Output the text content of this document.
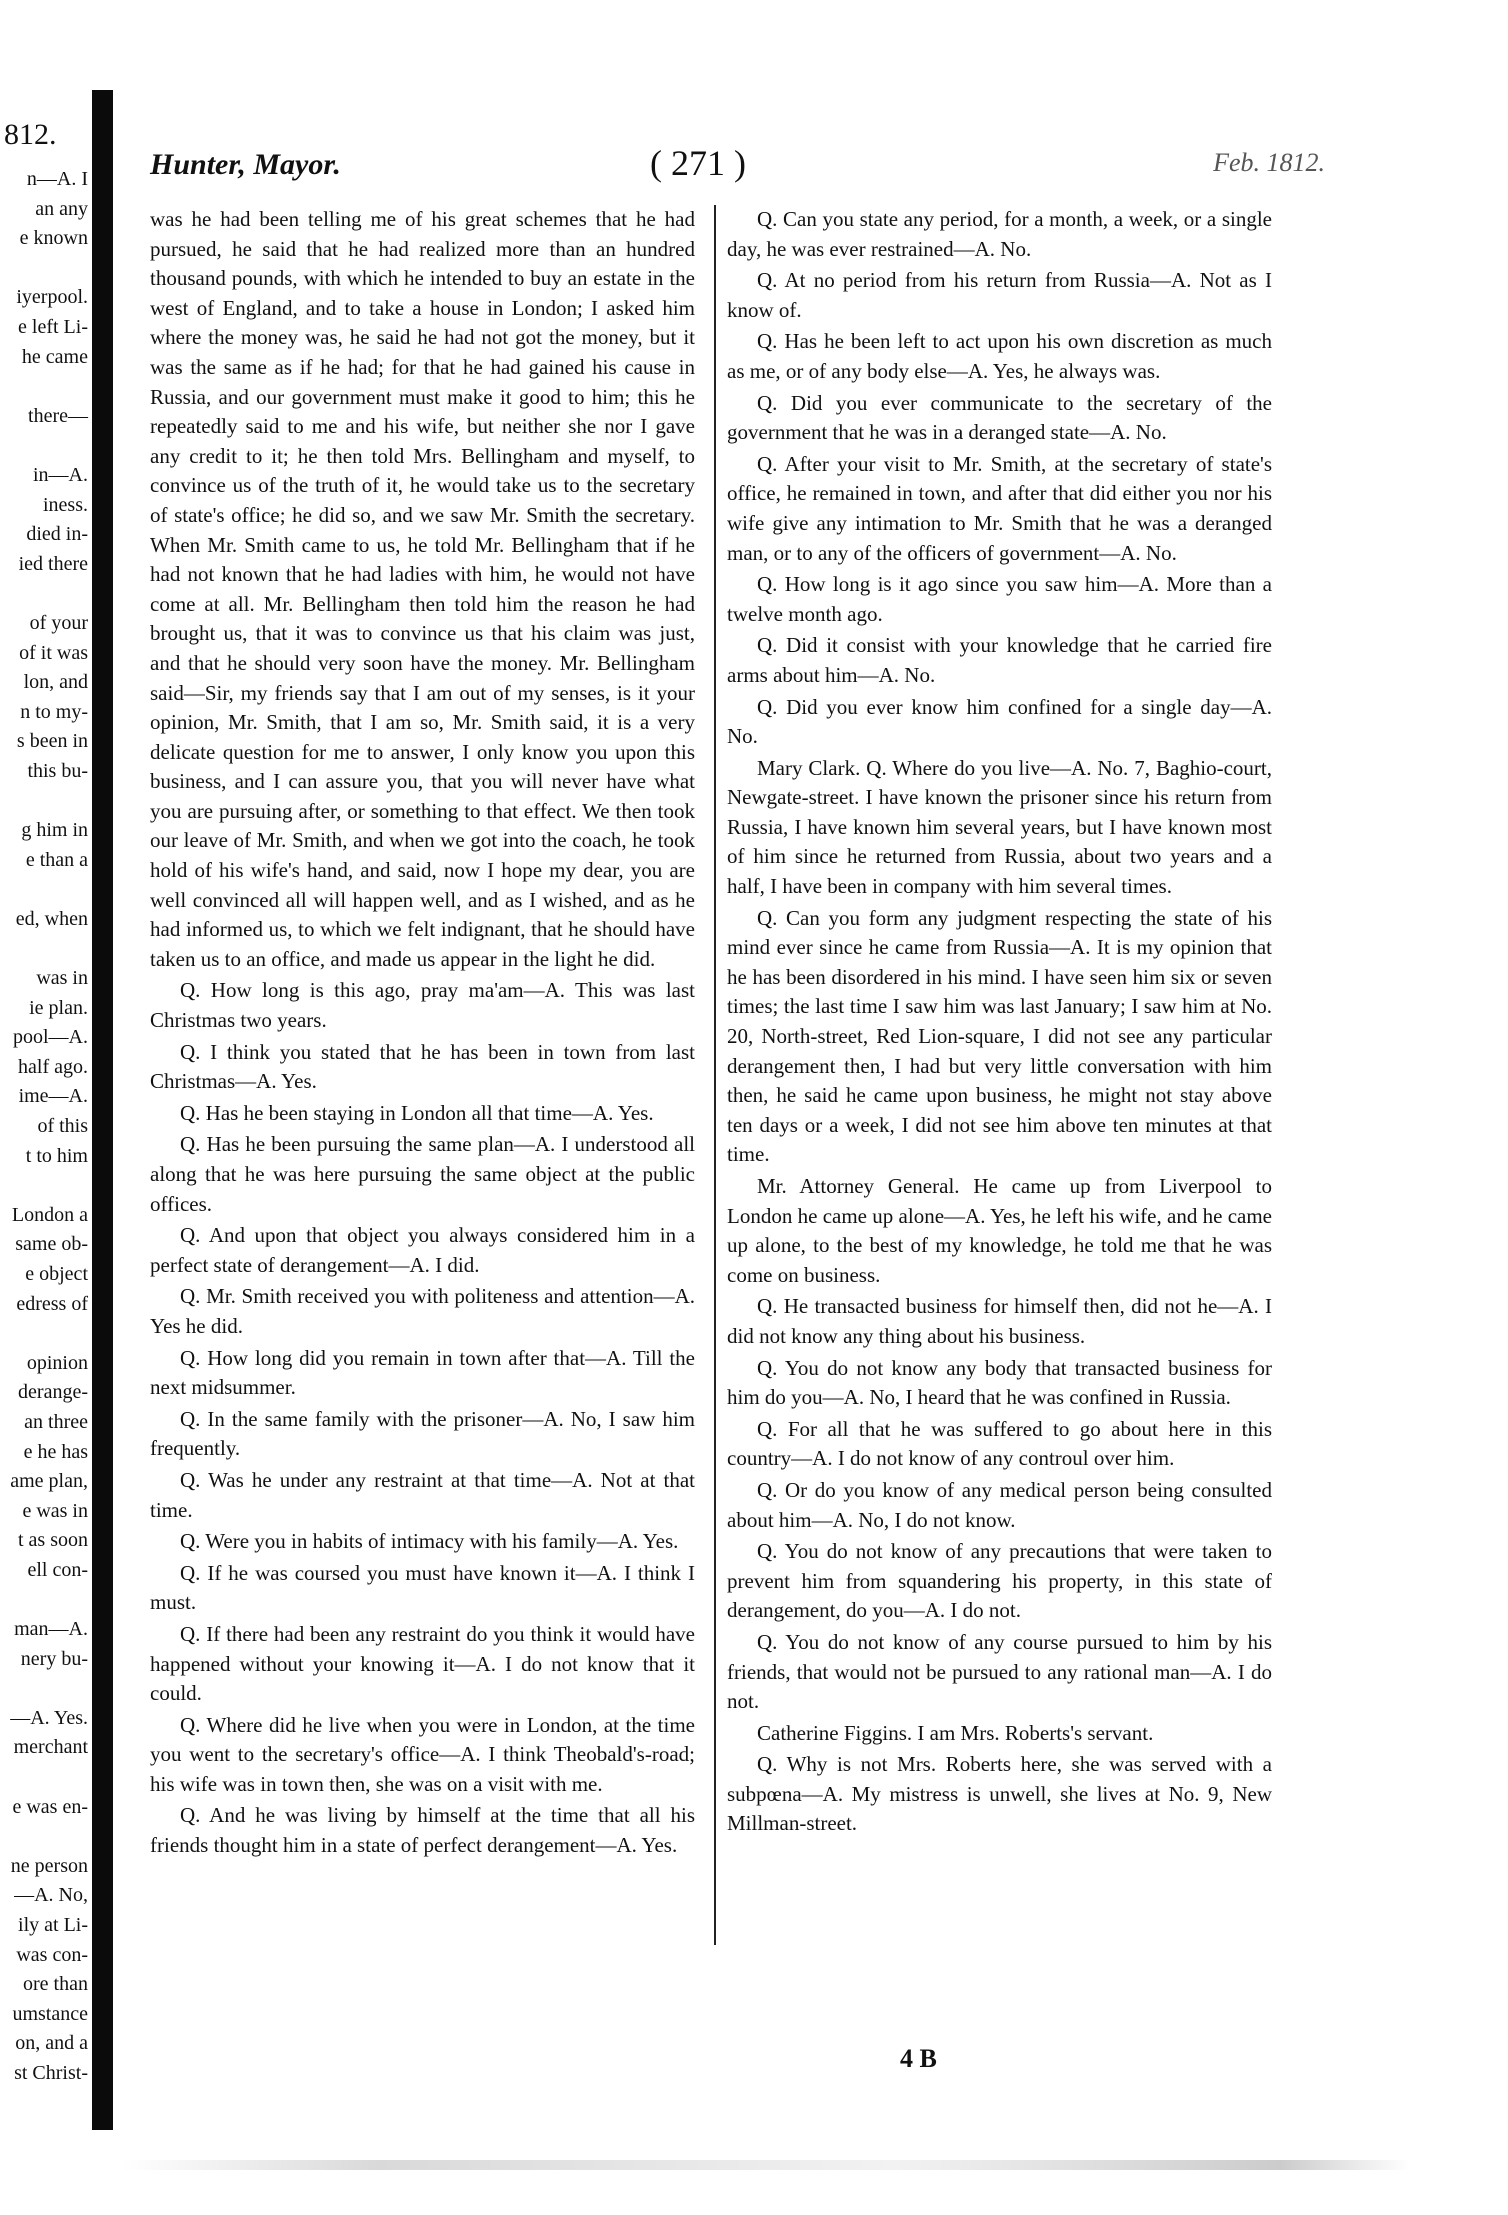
812.
n—A. I
an any
e known
iyerpool.
e left Li-
he came
there—
in—A.
iness.
died in-
ied there
of your
of it was
lon, and
n to my-
s been in
this bu-
g him in
e than a
ed, when
was in
ie plan.
pool—A.
half ago.
ime—A.
of this
t to him
London a
same ob-
e object
edress of
opinion
derange-
an three
e he has
ame plan,
e was in
t as soon
ell con-
man—A.
nery bu-
—A. Yes.
merchant
e was en-
ne person
—A. No,
ily at Li-
was con-
ore than
umstance
on, and a
st Christ-
Hunter, Mayor.	( 271 )	Feb. 1812.

was he had been telling me of his great schemes that he had pursued, he said that he had realized more than an hundred thousand pounds, with which he intended to buy an estate in the west of England, and to take a house in London; I asked him where the money was, he said he had not got the money, but it was the same as if he had; for that he had gained his cause in Russia, and our government must make it good to him; this he repeatedly said to me and his wife, but neither she nor I gave any credit to it; he then told Mrs. Bellingham and myself, to convince us of the truth of it, he would take us to the secretary of state's office; he did so, and we saw Mr. Smith the secretary. When Mr. Smith came to us, he told Mr. Bellingham that if he had not known that he had ladies with him, he would not have come at all. Mr. Bellingham then told him the reason he had brought us, that it was to convince us that his claim was just, and that he should very soon have the money. Mr. Bellingham said—Sir, my friends say that I am out of my senses, is it your opinion, Mr. Smith, that I am so, Mr. Smith said, it is a very delicate question for me to answer, I only know you upon this business, and I can assure you, that you will never have what you are pursuing after, or something to that effect. We then took our leave of Mr. Smith, and when we got into the coach, he took hold of his wife's hand, and said, now I hope my dear, you are well convinced all will happen well, and as I wished, and as he had informed us, to which we felt indignant, that he should have taken us to an office, and made us appear in the light he did.

Q. How long is this ago, pray ma'am—A. This was last Christmas two years.

Q. I think you stated that he has been in town from last Christmas—A. Yes.

Q. Has he been staying in London all that time—A. Yes.

Q. Has he been pursuing the same plan—A. I understood all along that he was here pursuing the same object at the public offices.

Q. And upon that object you always considered him in a perfect state of derangement—A. I did.

Q. Mr. Smith received you with politeness and attention—A. Yes he did.

Q. How long did you remain in town after that—A. Till the next midsummer.

Q. In the same family with the prisoner—A. No, I saw him frequently.

Q. Was he under any restraint at that time—A. Not at that time.

Q. Were you in habits of intimacy with his family—A. Yes.

Q. If he was coursed you must have known it—A. I think I must.

Q. If there had been any restraint do you think it would have happened without your knowing it—A. I do not know that it could.

Q. Where did he live when you were in London, at the time you went to the secretary's office—A. I think Theobald's-road; his wife was in town then, she was on a visit with me.

Q. And he was living by himself at the time that all his friends thought him in a state of perfect derangement—A. Yes.

Q. Can you state any period, for a month, a week, or a single day, he was ever restrained—A. No.

Q. At no period from his return from Russia—A. Not as I know of.

Q. Has he been left to act upon his own discretion as much as me, or of any body else—A. Yes, he always was.

Q. Did you ever communicate to the secretary of the government that he was in a deranged state—A. No.

Q. After your visit to Mr. Smith, at the secretary of state's office, he remained in town, and after that did either you nor his wife give any intimation to Mr. Smith that he was a deranged man, or to any of the officers of government—A. No.

Q. How long is it ago since you saw him—A. More than a twelve month ago.

Q. Did it consist with your knowledge that he carried fire arms about him—A. No.

Q. Did you ever know him confined for a single day—A. No.

Mary Clark. Q. Where do you live—A. No. 7, Baghio-court, Newgate-street. I have known the prisoner since his return from Russia, I have known him several years, but I have known most of him since he returned from Russia, about two years and a half, I have been in company with him several times.

Q. Can you form any judgment respecting the state of his mind ever since he came from Russia—A. It is my opinion that he has been disordered in his mind. I have seen him six or seven times; the last time I saw him was last January; I saw him at No. 20, North-street, Red Lion-square, I did not see any particular derangement then, I had but very little conversation with him then, he said he came upon business, he might not stay above ten days or a week, I did not see him above ten minutes at that time.

Mr. Attorney General. He came up from Liverpool to London he came up alone—A. Yes, he left his wife, and he came up alone, to the best of my knowledge, he told me that he was come on business.

Q. He transacted business for himself then, did not he—A. I did not know any thing about his business.

Q. You do not know any body that transacted business for him do you—A. No, I heard that he was confined in Russia.

Q. For all that he was suffered to go about here in this country—A. I do not know of any controul over him.

Q. Or do you know of any medical person being consulted about him—A. No, I do not know.

Q. You do not know of any precautions that were taken to prevent him from squandering his property, in this state of derangement, do you—A. I do not.

Q. You do not know of any course pursued to him by his friends, that would not be pursued to any rational man—A. I do not.

Catherine Figgins. I am Mrs. Roberts's servant.

Q. Why is not Mrs. Roberts here, she was served with a subpœna—A. My mistress is unwell, she lives at No. 9, New Millman-street.

4 B
